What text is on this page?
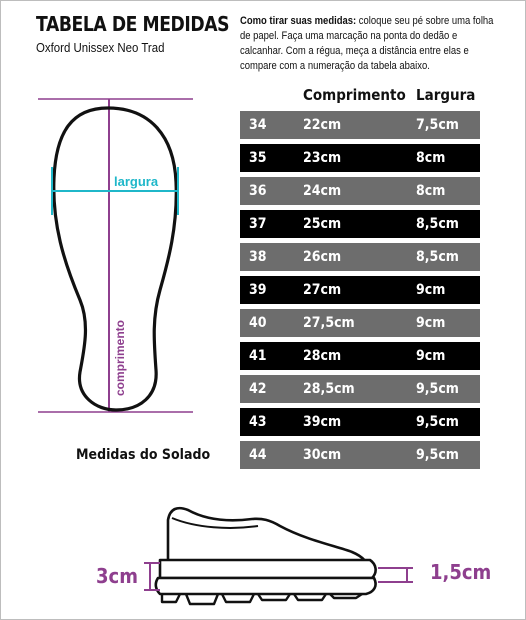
TABELA DE MEDIDAS
Oxford Unissex Neo Trad
Como tirar suas medidas: coloque seu pé sobre uma folha de papel. Faça uma marcação na ponta do dedão e calcanhar. Com a régua, meça a distância entre elas e compare com a numeração da tabela abaixo.
largura
comprimento
Medidas do Solado
Comprimento Largura
34	22cm	7,5cm
35	23cm	8cm
36	24cm	8cm
37	25cm	8,5cm
38	26cm	8,5cm
39	27cm	9cm
40	27,5cm	9cm
41	28cm	9cm
42	28,5cm	9,5cm
43	39cm	9,5cm
44	30cm	9,5cm
3cm	1,5cm
